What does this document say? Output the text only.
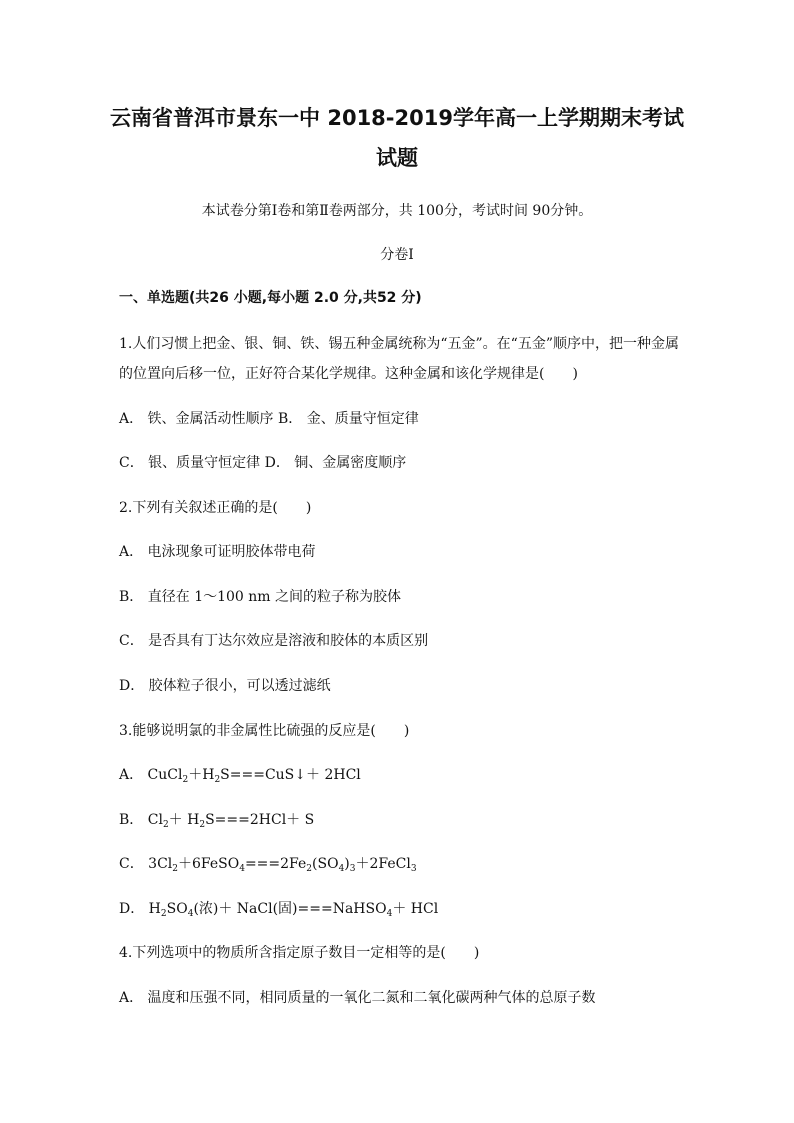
云南省普洱市景东一中 2018-2019学年高一上学期期末考试
试题
本试卷分第Ⅰ卷和第Ⅱ卷两部分，共 100分，考试时间 90分钟。
分卷I
一、单选题(共26 小题,每小题 2.0 分,共52 分)
1.人们习惯上把金、银、铜、铁、锡五种金属统称为“五金”。在“五金”顺序中，把一种金属
的位置向后移一位，正好符合某化学规律。这种金属和该化学规律是(　　)
A． 铁、金属活动性顺序 B． 金、质量守恒定律
C． 银、质量守恒定律 D． 铜、金属密度顺序
2.下列有关叙述正确的是(　　)
A． 电泳现象可证明胶体带电荷
B． 直径在 1～100 nm 之间的粒子称为胶体
C． 是否具有丁达尔效应是溶液和胶体的本质区别
D． 胶体粒子很小，可以透过滤纸
3.能够说明氯的非金属性比硫强的反应是(　　)
A． $CuCl_2+H_2S===CuS↓+ 2HCl$
B． $Cl_2+ H_2S===2HCl+ S$
C． $3Cl_2+6FeSO_4===2Fe_2(SO_4)_3+2FeCl_3$
D． $H_2SO_4$(浓)＋ NaCl(固)===NaHSO$_4$＋ HCl
4.下列选项中的物质所含指定原子数目一定相等的是(　　)
A． 温度和压强不同，相同质量的一氧化二氮和二氧化碳两种气体的总原子数
